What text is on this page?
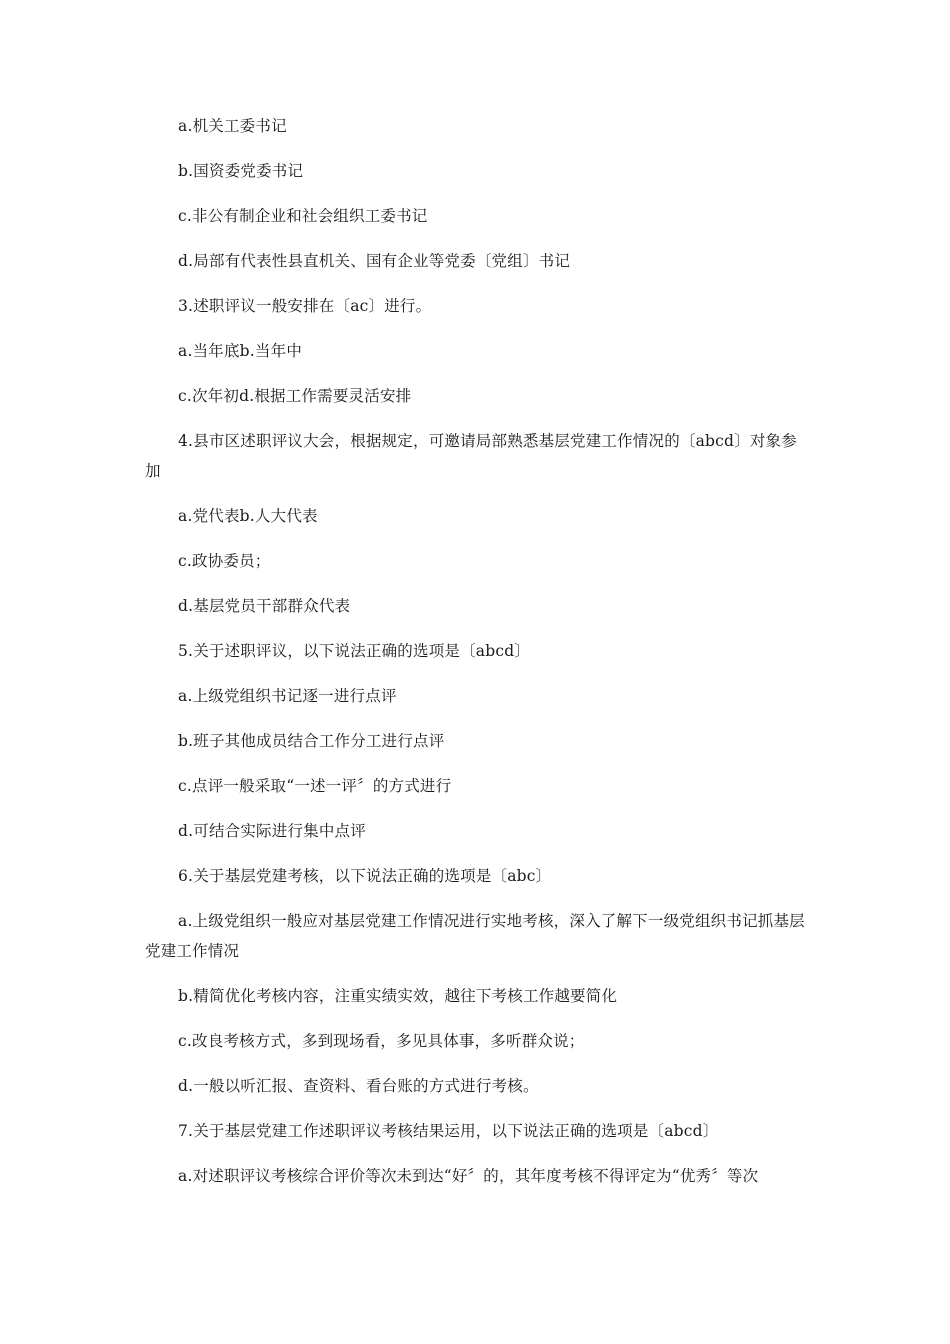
a.机关工委书记

b.国资委党委书记

c.非公有制企业和社会组织工委书记

d.局部有代表性县直机关、国有企业等党委〔党组〕书记

3.述职评议一般安排在〔ac〕进行。

a.当年底b.当年中

c.次年初d.根据工作需要灵活安排

4.县市区述职评议大会，根据规定，可邀请局部熟悉基层党建工作情况的〔abcd〕对象参加

a.党代表b.人大代表

c.政协委员；

d.基层党员干部群众代表

5.关于述职评议，以下说法正确的选项是〔abcd〕

a.上级党组织书记逐一进行点评

b.班子其他成员结合工作分工进行点评

c.点评一般采取“一述一评〞的方式进行

d.可结合实际进行集中点评

6.关于基层党建考核，以下说法正确的选项是〔abc〕

a.上级党组织一般应对基层党建工作情况进行实地考核，深入了解下一级党组织书记抓基层党建工作情况

b.精简优化考核内容，注重实绩实效，越往下考核工作越要简化

c.改良考核方式，多到现场看，多见具体事，多听群众说；

d.一般以听汇报、查资料、看台账的方式进行考核。

7.关于基层党建工作述职评议考核结果运用，以下说法正确的选项是〔abcd〕

a.对述职评议考核综合评价等次未到达“好〞的，其年度考核不得评定为“优秀〞等次
